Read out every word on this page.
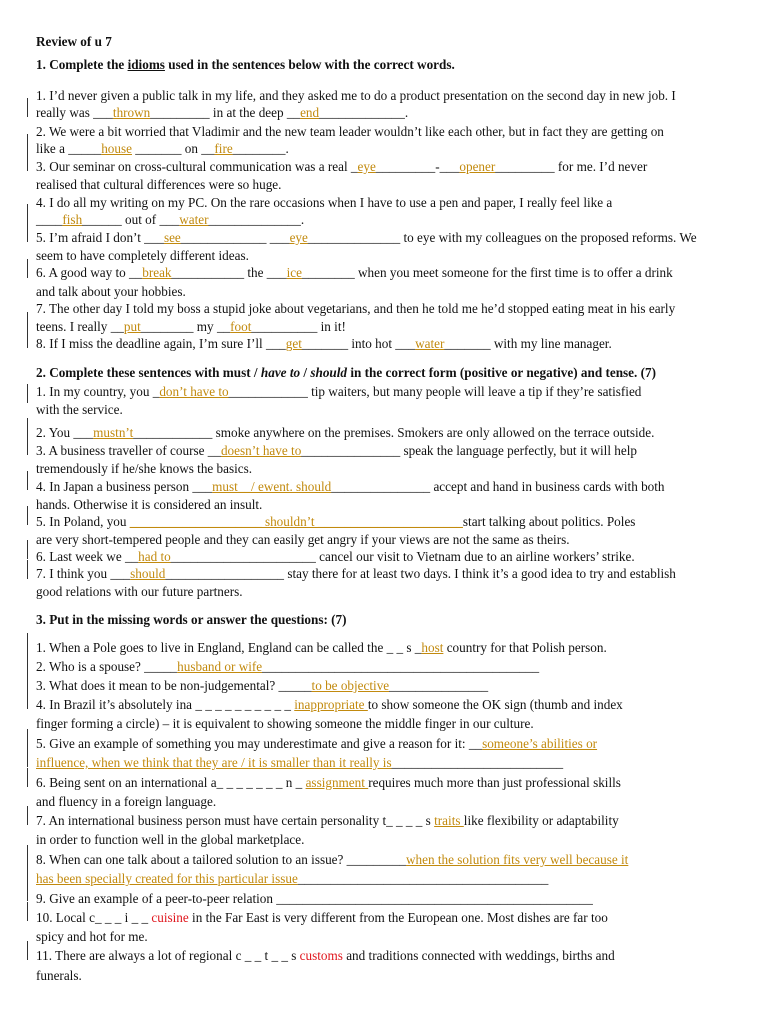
Review of u 7
1. Complete the idioms used in the sentences below with the correct words.
1. I’d never given a public talk in my life, and they asked me to do a product presentation on the second day in new job. I
really was ___thrown_________ in at the deep __end_____________.
2. We were a bit worried that Vladimir and the new team leader wouldn’t like each other, but in fact they are getting on
like a _____house _______ on __fire________.
3. Our seminar on cross-cultural communication was a real _eye_________-___opener_________ for me. I’d never
realised that cultural differences were so huge.
4. I do all my writing on my PC. On the rare occasions when I have to use a pen and paper, I really feel like a
____fish______ out of ___water______________.
5. I’m afraid I don’t ___see_____________ ___eye______________ to eye with my colleagues on the proposed reforms. We
seem to have completely different ideas.
6. A good way to __break___________ the ___ice________ when you meet someone for the first time is to offer a drink
and talk about your hobbies.
7. The other day I told my boss a stupid joke about vegetarians, and then he told me he’d stopped eating meat in his early
teens. I really __put________ my __foot__________ in it!
8. If I miss the deadline again, I’m sure I’ll ___get_______ into hot ___water_______ with my line manager.
2. Complete these sentences with must / have to / should in the correct form (positive or negative) and tense. (7)
1. In my country, you _don’t have to____________ tip waiters, but many people will leave a tip if they’re satisfied
with the service.
2. You ___mustn’t____________ smoke anywhere on the premises. Smokers are only allowed on the terrace outside.
3. A business traveller of course __doesn’t have to_______________ speak the language perfectly, but it will help
tremendously if he/she knows the basics.
4. In Japan a business person ___must__/ ewent. should_______________ accept and hand in business cards with both
hands. Otherwise it is considered an insult.
5. In Poland, you ____________________ shouldn’t ______________________start talking about politics. Poles
are very short-tempered people and they can easily get angry if your views are not the same as theirs.
6. Last week we __had to______________________ cancel our visit to Vietnam due to an airline workers’ strike.
7. I think you ___should__________________ stay there for at least two days. I think it’s a good idea to try and establish
good relations with our future partners.
3. Put in the missing words or answer the questions: (7)
1. When a Pole goes to live in England, England can be called the _ _ s _host country for that Polish person.
2. Who is a spouse? _____husband or wife__________________________________________
3. What does it mean to be non-judgemental? _____to be objective_______________
4. In Brazil it’s absolutely ina _ _ _ _ _ _ _ _ _ _ inappropriate to show someone the OK sign (thumb and index
finger forming a circle) – it is equivalent to showing someone the middle finger in our culture.
5. Give an example of something you may underestimate and give a reason for it: __someone’s abilities or
influence, when we think that they are / it is smaller than it really is__________________________
6. Being sent on an international a_ _ _ _ _ _ _ n _ assignment requires much more than just professional skills
and fluency in a foreign language.
7. An international business person must have certain personality t_ _ _ _ s traits like flexibility or adaptability
in order to function well in the global marketplace.
8. When can one talk about a tailored solution to an issue? _________when the solution fits very well because it
has been specially created for this particular issue______________________________________
9. Give an example of a peer-to-peer relation ________________________________________________
10. Local c_ _ _ i _ _ cuisine in the Far East is very different from the European one. Most dishes are far too
spicy and hot for me.
11. There are always a lot of regional c _ _ t _ _ s customs and traditions connected with weddings, births and
funerals.
